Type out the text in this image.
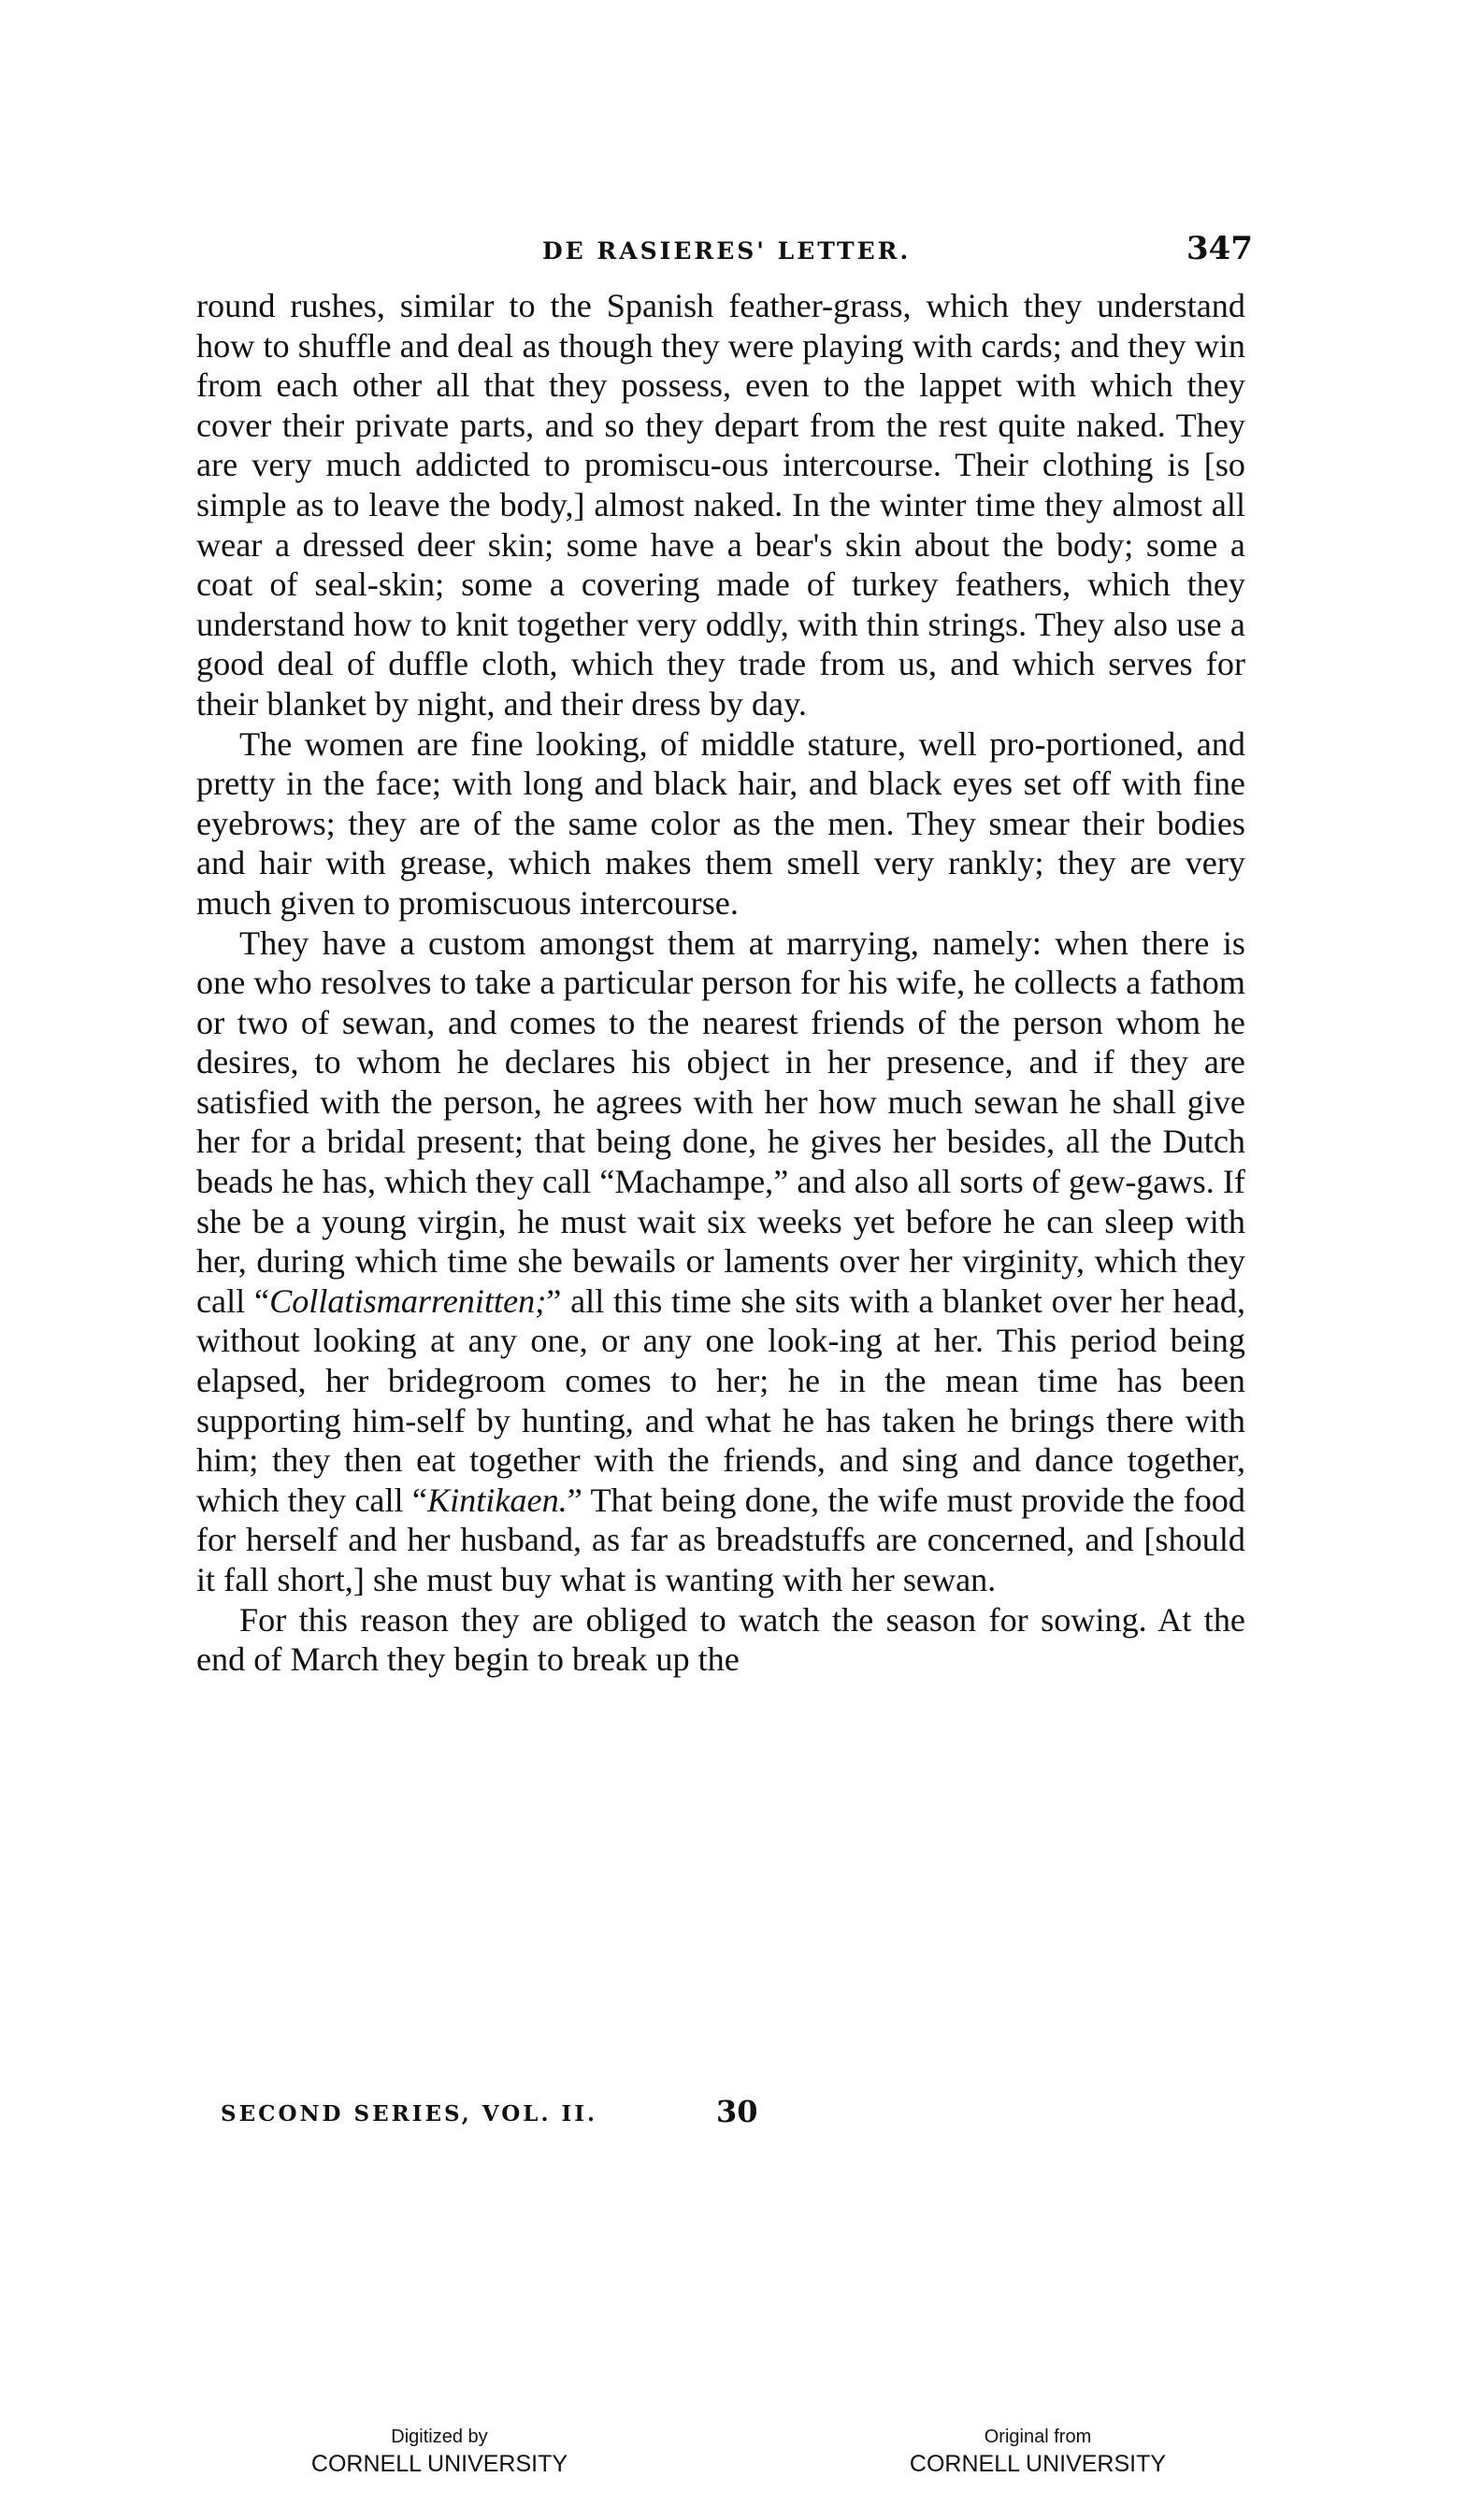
DE RASIERES' LETTER.	347

round rushes, similar to the Spanish feather-grass, which they understand how to shuffle and deal as though they were playing with cards; and they win from each other all that they possess, even to the lappet with which they cover their private parts, and so they depart from the rest quite naked. They are very much addicted to promiscu-ous intercourse. Their clothing is [so simple as to leave the body,] almost naked. In the winter time they almost all wear a dressed deer skin; some have a bear's skin about the body; some a coat of seal-skin; some a covering made of turkey feathers, which they understand how to knit together very oddly, with thin strings. They also use a good deal of duffle cloth, which they trade from us, and which serves for their blanket by night, and their dress by day.

The women are fine looking, of middle stature, well pro-portioned, and pretty in the face; with long and black hair, and black eyes set off with fine eyebrows; they are of the same color as the men. They smear their bodies and hair with grease, which makes them smell very rankly; they are very much given to promiscuous intercourse.

They have a custom amongst them at marrying, namely: when there is one who resolves to take a particular person for his wife, he collects a fathom or two of sewan, and comes to the nearest friends of the person whom he desires, to whom he declares his object in her presence, and if they are satisfied with the person, he agrees with her how much sewan he shall give her for a bridal present; that being done, he gives her besides, all the Dutch beads he has, which they call “Machampe,” and also all sorts of gew-gaws. If she be a young virgin, he must wait six weeks yet before he can sleep with her, during which time she bewails or laments over her virginity, which they call “Collatismarrenitten;” all this time she sits with a blanket over her head, without looking at any one, or any one look-ing at her. This period being elapsed, her bridegroom comes to her; he in the mean time has been supporting him-self by hunting, and what he has taken he brings there with him; they then eat together with the friends, and sing and dance together, which they call “Kintikaen.” That being done, the wife must provide the food for herself and her husband, as far as breadstuffs are concerned, and [should it fall short,] she must buy what is wanting with her sewan.

For this reason they are obliged to watch the season for sowing. At the end of March they begin to break up the

SECOND SERIES, VOL. II.	30
Digitized by
CORNELL UNIVERSITY
Original from
CORNELL UNIVERSITY
